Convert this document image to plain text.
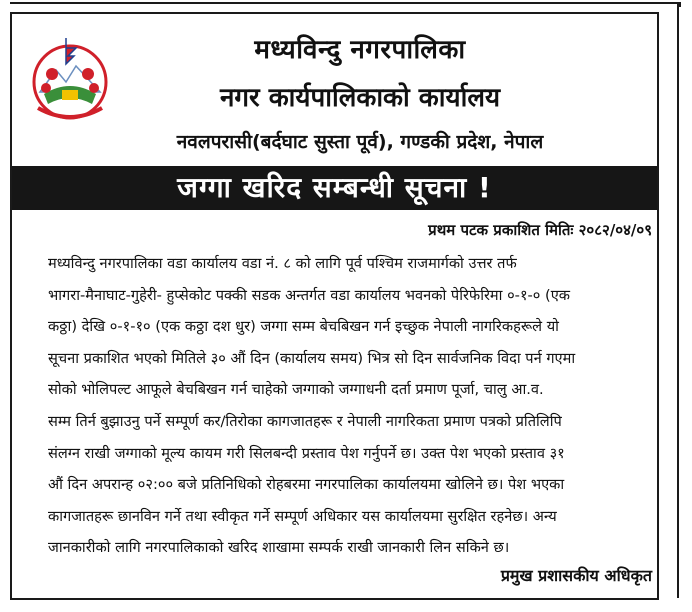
मध्यविन्दु नगरपालिका
नगर कार्यपालिकाको कार्यालय
नवलपरासी(बर्दघाट सुस्ता पूर्व), गण्डकी प्रदेश, नेपाल
जग्गा खरिद सम्बन्धी सूचना !
प्रथम पटक प्रकाशित मितिः २०८२/०४/०९
मध्यविन्दु नगरपालिका वडा कार्यालय वडा नं. ८ को लागि पूर्व पश्चिम राजमार्गको उत्तर तर्फ
भागरा-मैनाघाट-गुहेरी- हुप्सेकोट पक्की सडक अन्तर्गत वडा कार्यालय भवनको पेरिफेरिमा ०-१-० (एक
कठ्ठा) देखि ०-१-१० (एक कठ्ठा दश धुर) जग्गा सम्म बेचबिखन गर्न इच्छुक नेपाली नागरिकहरूले यो
सूचना प्रकाशित भएको मितिले ३० औं दिन (कार्यालय समय) भित्र सो दिन सार्वजनिक विदा पर्न गएमा
सोको भोलिपल्ट आफूले बेचबिखन गर्न चाहेको जग्गाको जग्गाधनी दर्ता प्रमाण पूर्जा, चालु आ.व.
सम्म तिर्न बुझाउनु पर्ने सम्पूर्ण कर/तिरोका कागजातहरू र नेपाली नागरिकता प्रमाण पत्रको प्रतिलिपि
संलग्न राखी जग्गाको मूल्य कायम गरी सिलबन्दी प्रस्ताव पेश गर्नुपर्ने छ। उक्त पेश भएको प्रस्ताव ३१
औं दिन अपरान्ह ०२:०० बजे प्रतिनिधिको रोहबरमा नगरपालिका कार्यालयमा खोलिने छ। पेश भएका
कागजातहरू छानविन गर्ने तथा स्वीकृत गर्ने सम्पूर्ण अधिकार यस कार्यालयमा सुरक्षित रहनेछ। अन्य
जानकारीको लागि नगरपालिकाको खरिद शाखामा सम्पर्क राखी जानकारी लिन सकिने छ।
प्रमुख प्रशासकीय अधिकृत
